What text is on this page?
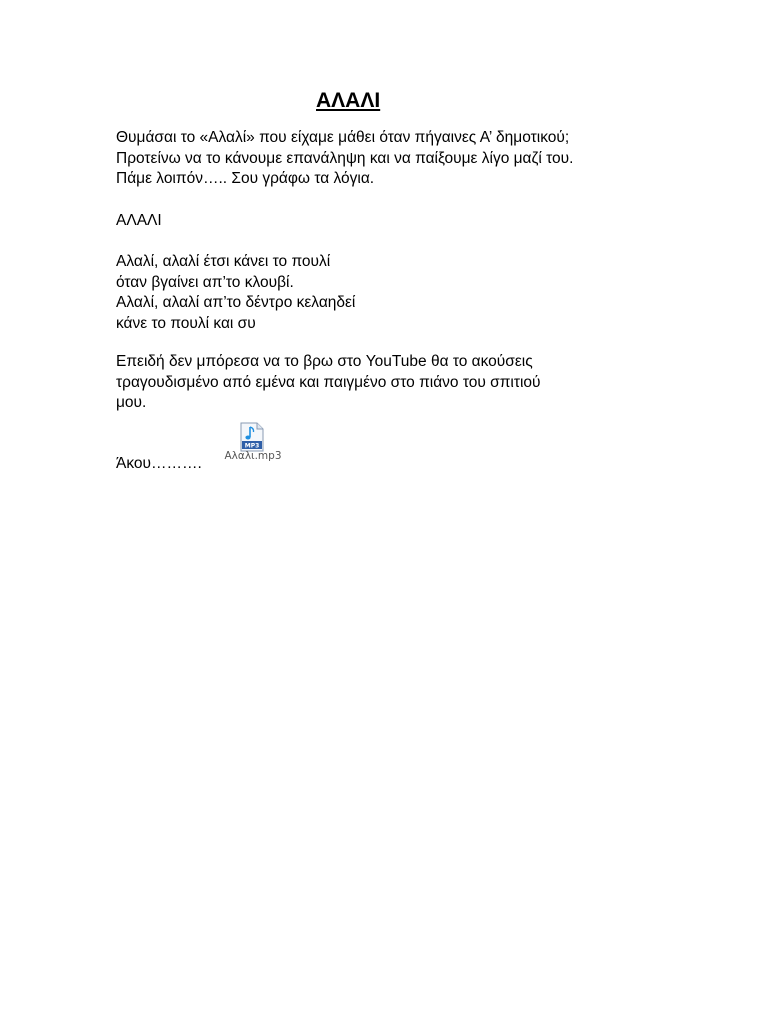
ΑΛΑΛΙ
Θυμάσαι το «Αλαλί» που είχαμε μάθει όταν πήγαινες Α’ δημοτικού;
Προτείνω να το κάνουμε επανάληψη και να παίξουμε λίγο μαζί του.
Πάμε λοιπόν….. Σου γράφω τα λόγια.
ΑΛΑΛΙ
Αλαλί, αλαλί έτσι κάνει το πουλί
όταν βγαίνει απ’το κλουβί.
Αλαλί, αλαλί απ’το δέντρο κελαηδεί
κάνε το πουλί και συ
Επειδή δεν μπόρεσα να το βρω στο YouTube θα το ακούσεις
τραγουδισμένο από εμένα και παιγμένο στο πιάνο του σπιτιού
μου.
Άκου……….
MP3
Αλαλι.mp3
